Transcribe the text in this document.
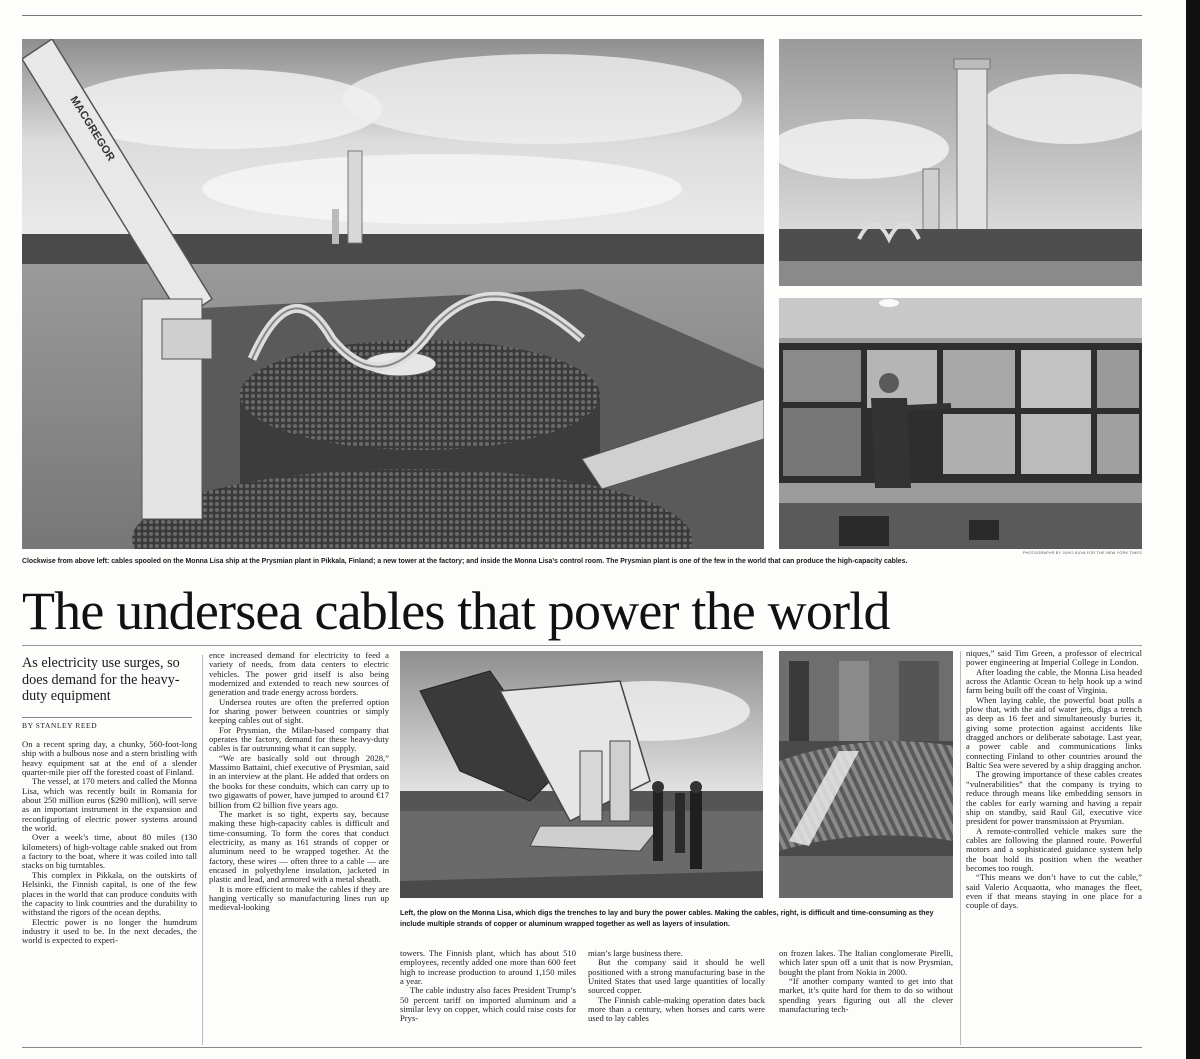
MACGREGOR
PHOTOGRAPHS BY JUHO KUVA FOR THE NEW YORK TIMES
Clockwise from above left: cables spooled on the Monna Lisa ship at the Prysmian plant in Pikkala, Finland; a new tower at the factory; and inside the Monna Lisa’s control room. The Prysmian plant is one of the few in the world that can produce the high-capacity cables.
The undersea cables that power the world
As electricity use surges, so does demand for the heavy-duty equipment
BY STANLEY REED

On a recent spring day, a chunky, 560-foot-long ship with a bulbous nose and a stern bristling with heavy equipment sat at the end of a slender quarter-mile pier off the forested coast of Finland.

The vessel, at 170 meters and called the Monna Lisa, which was recently built in Romania for about 250 million euros ($290 million), will serve as an important instrument in the expansion and reconfiguring of electric power systems around the world.

Over a week’s time, about 80 miles (130 kilometers) of high-voltage cable snaked out from a factory to the boat, where it was coiled into tall stacks on big turntables.

This complex in Pikkala, on the outskirts of Helsinki, the Finnish capital, is one of the few places in the world that can produce conduits with the capacity to link countries and the durability to withstand the rigors of the ocean depths.

Electric power is no longer the humdrum industry it used to be. In the next decades, the world is expected to experi-

ence increased demand for electricity to feed a variety of needs, from data centers to electric vehicles. The power grid itself is also being modernized and extended to reach new sources of generation and trade energy across borders.

Undersea routes are often the preferred option for sharing power between countries or simply keeping cables out of sight.

For Prysmian, the Milan-based company that operates the factory, demand for these heavy-duty cables is far outrunning what it can supply.

“We are basically sold out through 2028,” Massimo Battaini, chief executive of Prysmian, said in an interview at the plant. He added that orders on the books for these conduits, which can carry up to two gigawatts of power, have jumped to around €17 billion from €2 billion five years ago.

The market is so tight, experts say, because making these high-capacity cables is difficult and time-consuming. To form the cores that conduct electricity, as many as 161 strands of copper or aluminum need to be wrapped together. At the factory, these wires — often three to a cable — are encased in polyethylene insulation, jacketed in plastic and lead, and armored with a metal sheath.

It is more efficient to make the cables if they are hanging vertically so manufacturing lines run up medieval-looking

Left, the plow on the Monna Lisa, which digs the trenches to lay and bury the power cables. Making the cables, right, is difficult and time-consuming as they include multiple strands of copper or aluminum wrapped together as well as layers of insulation.

towers. The Finnish plant, which has about 510 employees, recently added one more than 600 feet high to increase production to around 1,150 miles a year.

The cable industry also faces President Trump’s 50 percent tariff on imported aluminum and a similar levy on copper, which could raise costs for Prys-

mian’s large business there.

But the company said it should be well positioned with a strong manufacturing base in the United States that used large quantities of locally sourced copper.

The Finnish cable-making operation dates back more than a century, when horses and carts were used to lay cables

on frozen lakes. The Italian conglomerate Pirelli, which later spun off a unit that is now Prysmian, bought the plant from Nokia in 2000.

“If another company wanted to get into that market, it’s quite hard for them to do so without spending years figuring out all the clever manufacturing tech-

niques,” said Tim Green, a professor of electrical power engineering at Imperial College in London.

After loading the cable, the Monna Lisa headed across the Atlantic Ocean to help hook up a wind farm being built off the coast of Virginia.

When laying cable, the powerful boat pulls a plow that, with the aid of water jets, digs a trench as deep as 16 feet and simultaneously buries it, giving some protection against accidents like dragged anchors or deliberate sabotage. Last year, a power cable and communications links connecting Finland to other countries around the Baltic Sea were severed by a ship dragging anchor.

The growing importance of these cables creates “vulnerabilities” that the company is trying to reduce through means like embedding sensors in the cables for early warning and having a repair ship on standby, said Raul Gil, executive vice president for power transmission at Prysmian.

A remote-controlled vehicle makes sure the cables are following the planned route. Powerful motors and a sophisticated guidance system help the boat hold its position when the weather becomes too rough.

“This means we don’t have to cut the cable,” said Valerio Acquaotta, who manages the fleet, even if that means staying in one place for a couple of days.
